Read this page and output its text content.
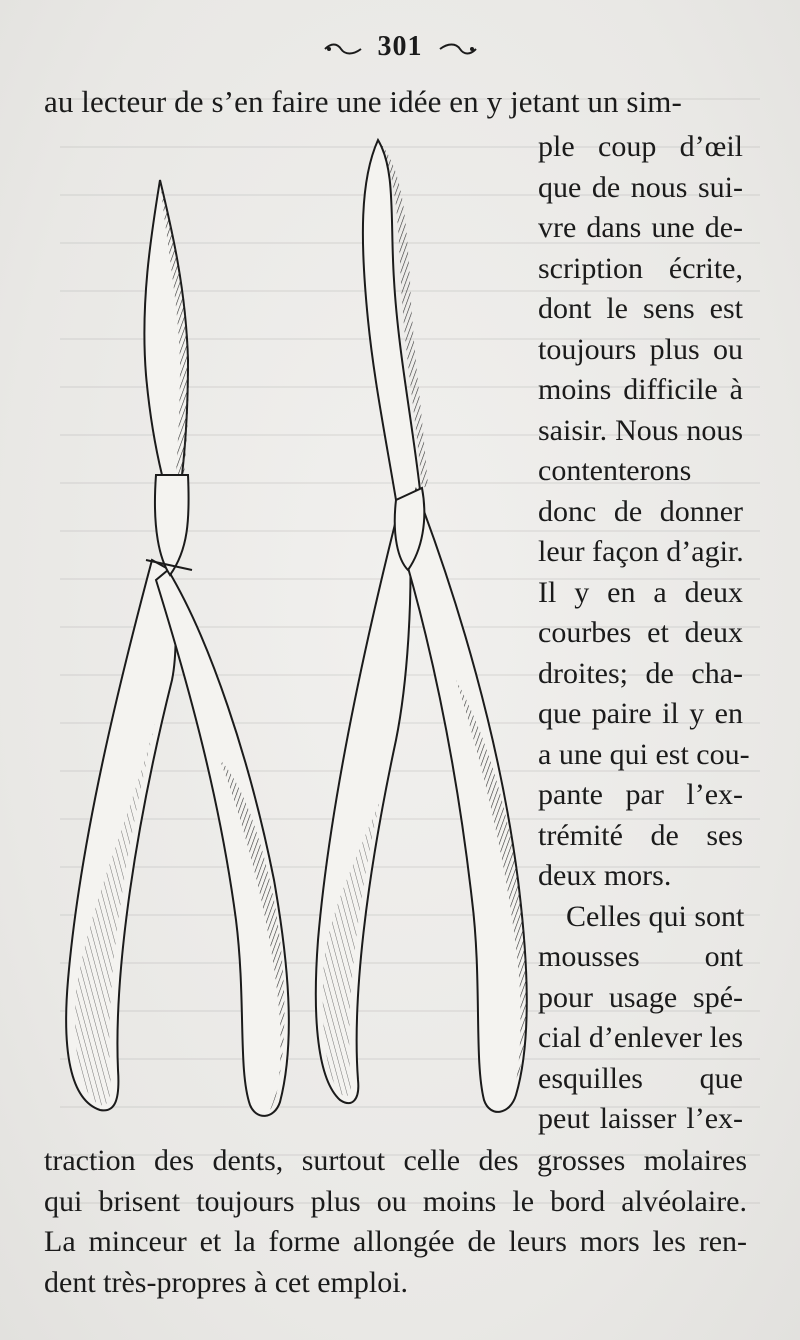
301
au lecteur de s’en faire une idée en y jetant un sim-
ple coup d’œil
que de nous sui-
vre dans une de-
scription écrite,
dont le sens est
toujours plus ou
moins difficile à
saisir. Nous nous
contenterons
donc de donner
leur façon d’agir.
Il y en a deux
courbes et deux
droites; de cha-
que paire il y en
a une qui est cou-
pante par l’ex-
trémité de ses
deux mors.
Celles qui sont
mousses ont
pour usage spé-
cial d’enlever les
esquilles que
peut laisser l’ex-
traction des dents, surtout celle des grosses molaires
qui brisent toujours plus ou moins le bord alvéolaire.
La minceur et la forme allongée de leurs mors les ren-
dent très-propres à cet emploi.
